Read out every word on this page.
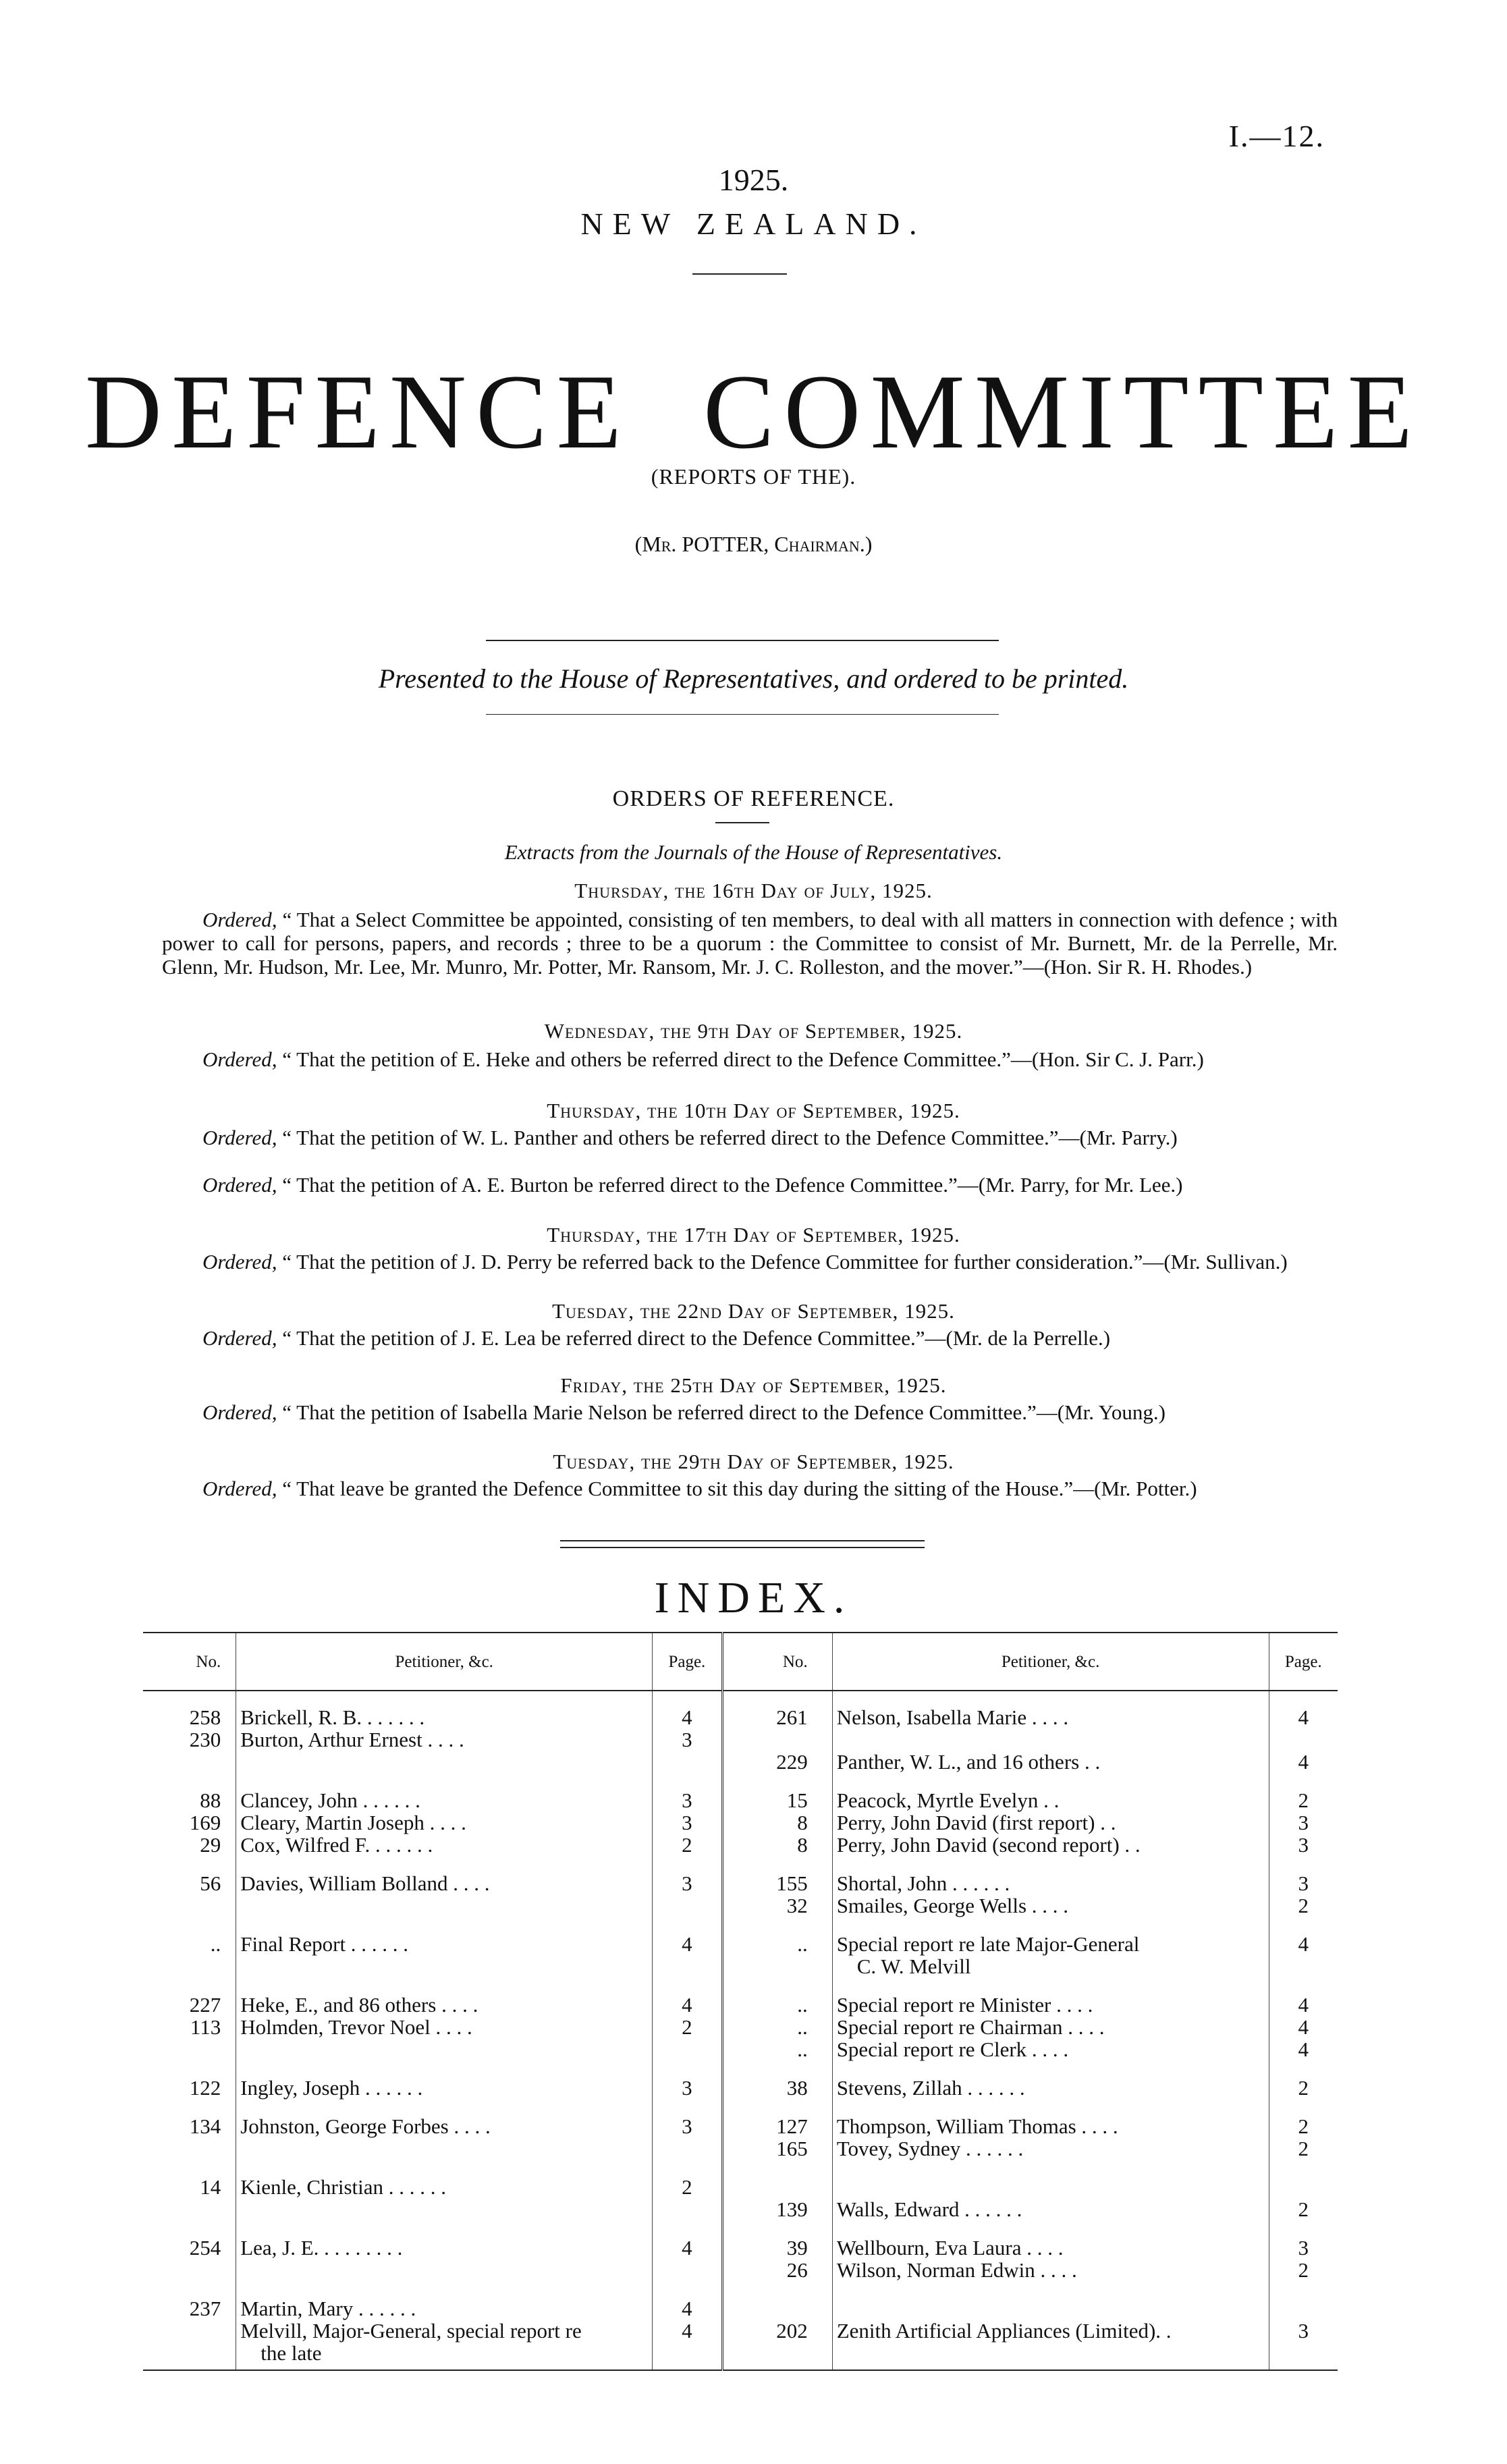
I.—12.
1925.
NEW ZEALAND.
DEFENCE  COMMITTEE
(REPORTS OF THE).
(Mr. POTTER, Chairman.)
Presented to the House of Representatives, and ordered to be printed.
ORDERS OF REFERENCE.
Extracts from the Journals of the House of Representatives.
Thursday, the 16th Day of July, 1925.
Ordered, “ That a Select Committee be appointed, consisting of ten members, to deal with all matters in connection with defence ; with power to call for persons, papers, and records ; three to be a quorum : the Committee to consist of Mr. Burnett, Mr. de la Perrelle, Mr. Glenn, Mr. Hudson, Mr. Lee, Mr. Munro, Mr. Potter, Mr. Ransom, Mr. J. C. Rolleston, and the mover.”—(Hon. Sir R. H. Rhodes.)
Wednesday, the 9th Day of September, 1925.
Ordered, “ That the petition of E. Heke and others be referred direct to the Defence Committee.”—(Hon. Sir C. J. Parr.)
Thursday, the 10th Day of September, 1925.
Ordered, “ That the petition of W. L. Panther and others be referred direct to the Defence Committee.”—(Mr. Parry.)
Ordered, “ That the petition of A. E. Burton be referred direct to the Defence Committee.”—(Mr. Parry, for Mr. Lee.)
Thursday, the 17th Day of September, 1925.
Ordered, “ That the petition of J. D. Perry be referred back to the Defence Committee for further consideration.”—(Mr. Sullivan.)
Tuesday, the 22nd Day of September, 1925.
Ordered, “ That the petition of J. E. Lea be referred direct to the Defence Committee.”—(Mr. de la Perrelle.)
Friday, the 25th Day of September, 1925.
Ordered, “ That the petition of Isabella Marie Nelson be referred direct to the Defence Committee.”—(Mr. Young.)
Tuesday, the 29th Day of September, 1925.
Ordered, “ That leave be granted the Defence Committee to sit this day during the sitting of the House.”—(Mr. Potter.)
INDEX.
No.	Petitioner, &c.	Page.	No.	Petitioner, &c.	Page.
258	Brickell, R. B. . . . . . .	4	261	Nelson, Isabella Marie . . . .	4
230	Burton, Arthur Ernest . . . .	3			
			229	Panther, W. L., and 16 others . .	4

88	Clancey, John . . . . . .	3	15	Peacock, Myrtle Evelyn . .	2
169	Cleary, Martin Joseph . . . .	3	8	Perry, John David (first report) . .	3
29	Cox, Wilfred F. . . . . . .	2	8	Perry, John David (second report) . .	3

56	Davies, William Bolland . . . .	3	155	Shortal, John . . . . . .	3
			32	Smailes, George Wells . . . .	2

..	Final Report . . . . . .	4	..	Special report re late Major-General	4
				C. W. Melvill	

227	Heke, E., and 86 others . . . .	4	..	Special report re Minister . . . .	4
113	Holmden, Trevor Noel . . . .	2	..	Special report re Chairman . . . .	4
			..	Special report re Clerk . . . .	4

122	Ingley, Joseph . . . . . .	3	38	Stevens, Zillah . . . . . .	2

134	Johnston, George Forbes . . . .	3	127	Thompson, William Thomas . . . .	2
			165	Tovey, Sydney . . . . . .	2

14	Kienle, Christian . . . . . .	2			
			139	Walls, Edward . . . . . .	2

254	Lea, J. E. . . . . . . . .	4	39	Wellbourn, Eva Laura . . . .	3
			26	Wilson, Norman Edwin . . . .	2

237	Martin, Mary . . . . . .	4			
	Melvill, Major-General, special report re	4	202	Zenith Artificial Appliances (Limited). .	3
	the late				
